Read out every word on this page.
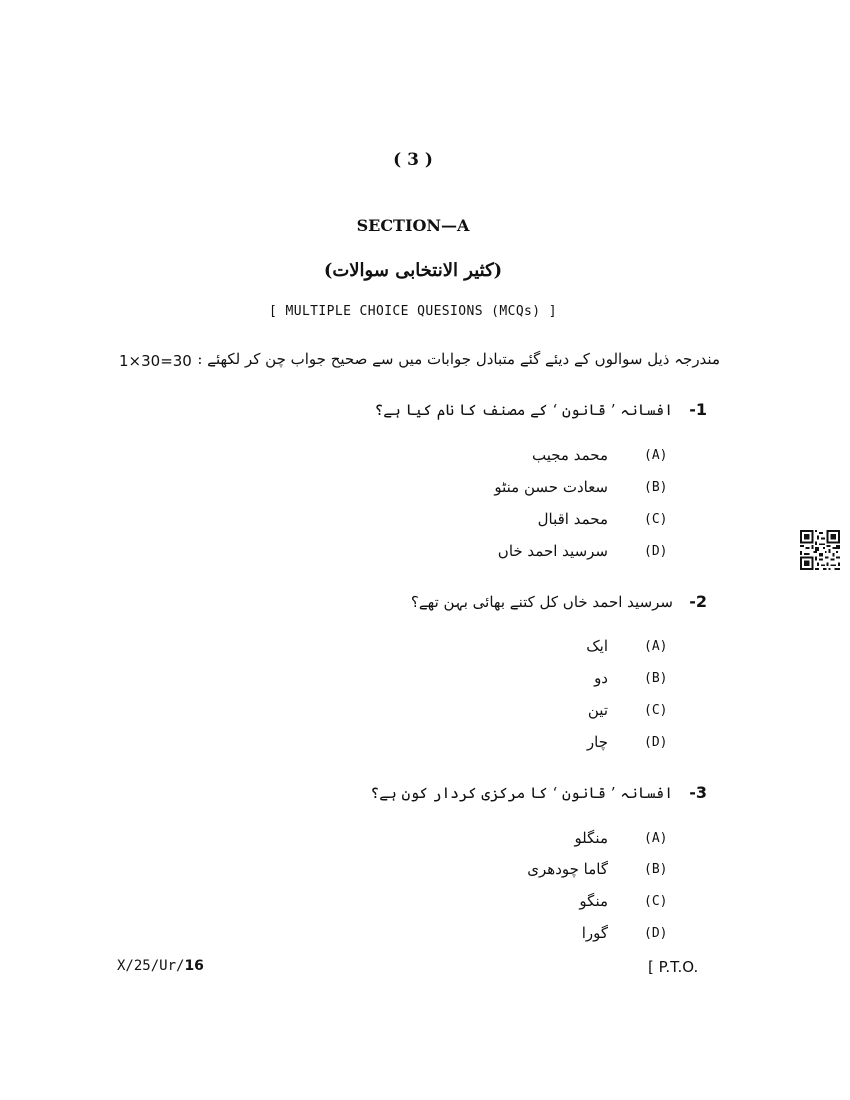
( 3 )
SECTION—A
(کثیر الانتخابی سوالات)
[ MULTIPLE CHOICE QUESIONS (MCQs) ]
1×30=30 مندرجہ ذیل سوالوں کے دیئے گئے متبادل جوابات میں سے صحیح جواب چن کر لکھئے :
-1
افسانہ ’ قانون ‘ کے مصنف کا نام کیا ہے؟
(A)
محمد مجیب
(B)
سعادت حسن منٹو
(C)
محمد اقبال
(D)
سرسید احمد خاں
-2
سرسید احمد خاں کل کتنے بھائی بہن تھے؟
(A)
ایک
(B)
دو
(C)
تین
(D)
چار
-3
افسانہ ’ قانون ‘ کا مرکزی کردار کون ہے؟
(A)
منگلو
(B)
گاما چودھری
(C)
منگو
(D)
گورا
X/25/Ur/16	[ P.T.O.
